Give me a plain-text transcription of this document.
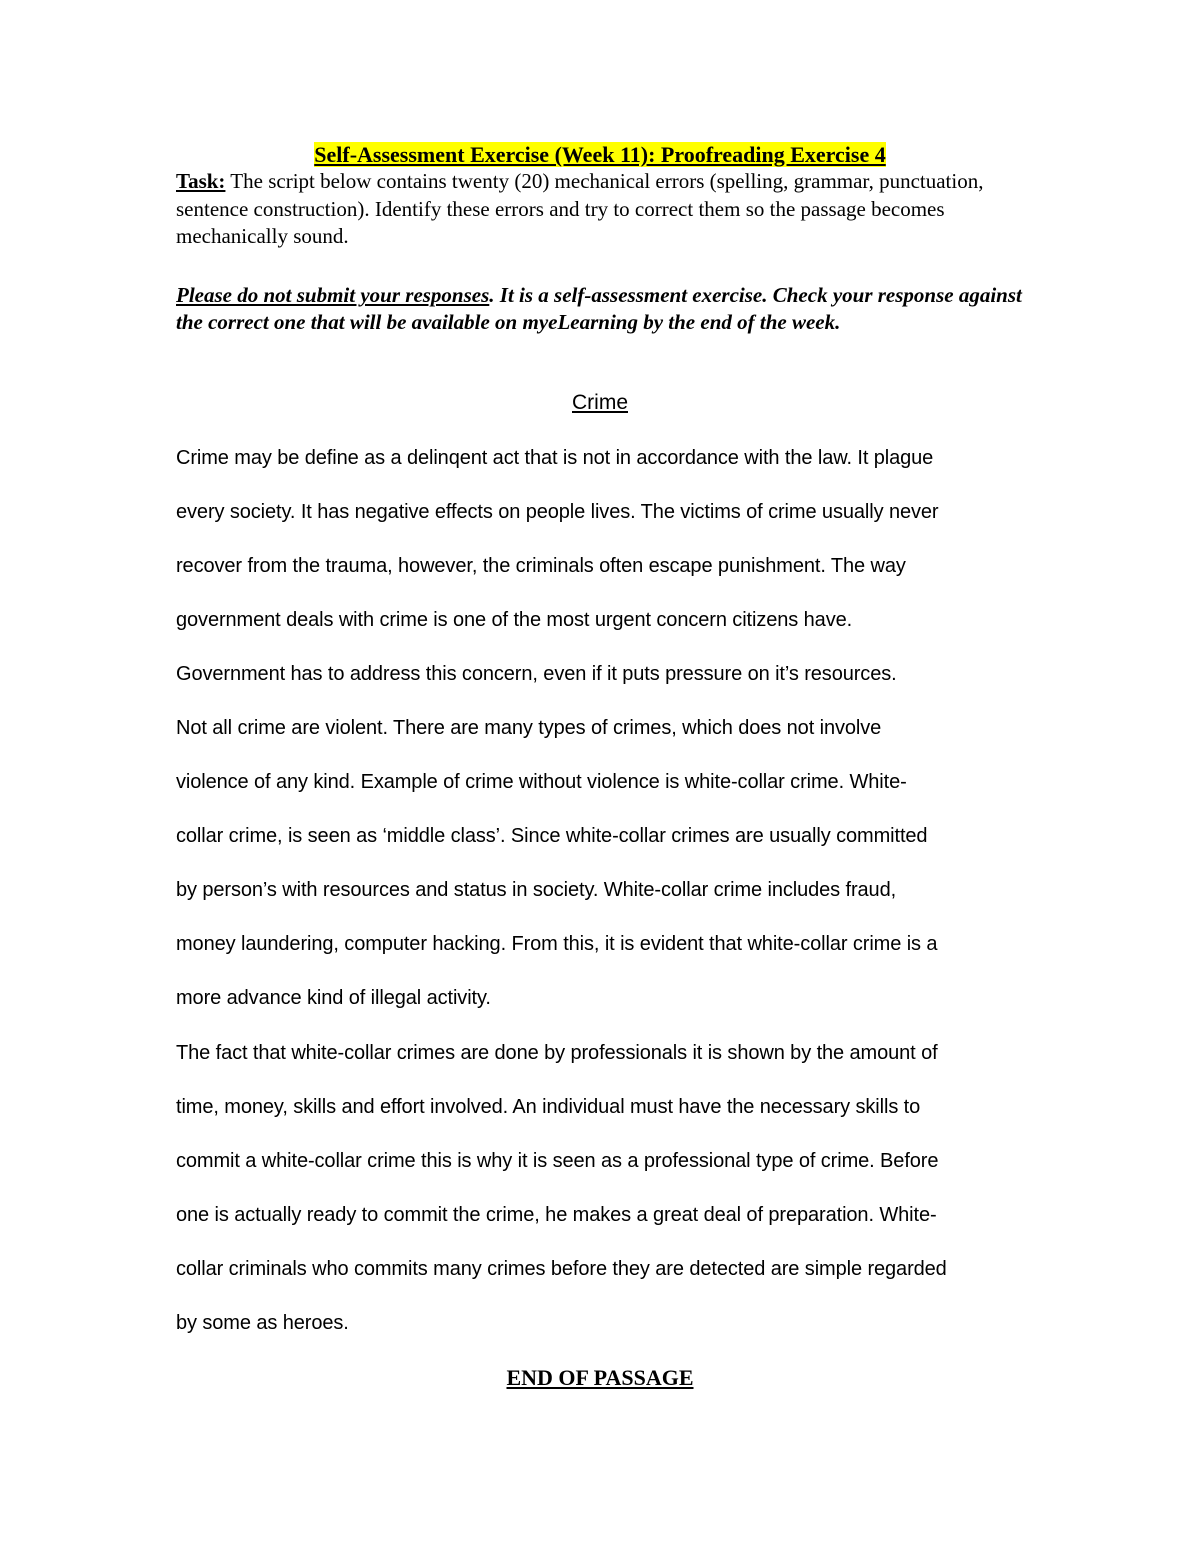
Self-Assessment Exercise (Week 11): Proofreading Exercise 4
Task: The script below contains twenty (20) mechanical errors (spelling, grammar, punctuation, sentence construction). Identify these errors and try to correct them so the passage becomes mechanically sound.
Please do not submit your responses. It is a self-assessment exercise. Check your response against the correct one that will be available on myeLearning by the end of the week.
Crime
Crime may be define as a delinqent act that is not in accordance with the law. It plague
every society. It has negative effects on people lives. The victims of crime usually never
recover from the trauma, however, the criminals often escape punishment. The way
government deals with crime is one of the most urgent concern citizens have.
Government has to address this concern, even if it puts pressure on it’s resources.
Not all crime are violent. There are many types of crimes, which does not involve
violence of any kind. Example of crime without violence is white-collar crime. White-
collar crime, is seen as ‘middle class’. Since white-collar crimes are usually committed
by person’s with resources and status in society. White-collar crime includes fraud,
money laundering, computer hacking. From this, it is evident that white-collar crime is a
more advance kind of illegal activity.
The fact that white-collar crimes are done by professionals it is shown by the amount of
time, money, skills and effort involved. An individual must have the necessary skills to
commit a white-collar crime this is why it is seen as a professional type of crime. Before
one is actually ready to commit the crime, he makes a great deal of preparation. White-
collar criminals who commits many crimes before they are detected are simple regarded
by some as heroes.
END OF PASSAGE
